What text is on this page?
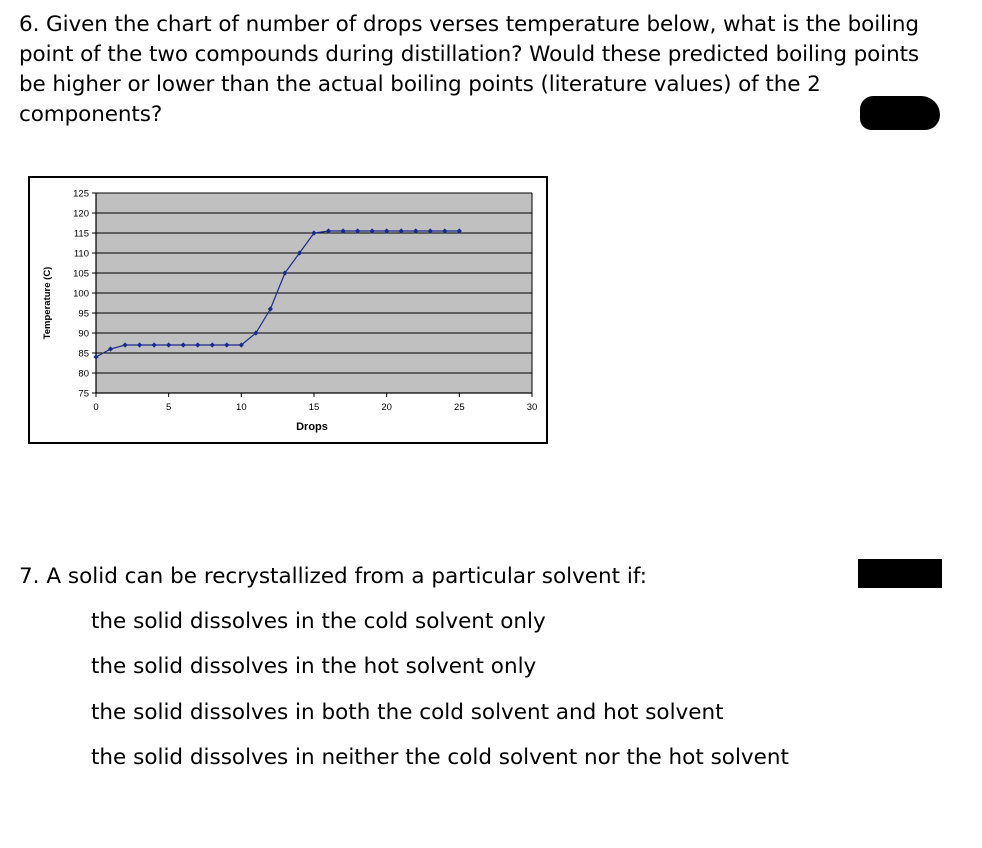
6. Given the chart of number of drops verses temperature below, what is the boiling point of the two compounds during distillation? Would these predicted boiling points be higher or lower than the actual boiling points (literature values) of the 2 components?
125
120
115
110
105
100
95
90
85
80
75
0	5	10	15	20	25	30
Drops
Temperature (C)
7. A solid can be recrystallized from a particular solvent if:
the solid dissolves in the cold solvent only
the solid dissolves in the hot solvent only
the solid dissolves in both the cold solvent and hot solvent
the solid dissolves in neither the cold solvent nor the hot solvent
